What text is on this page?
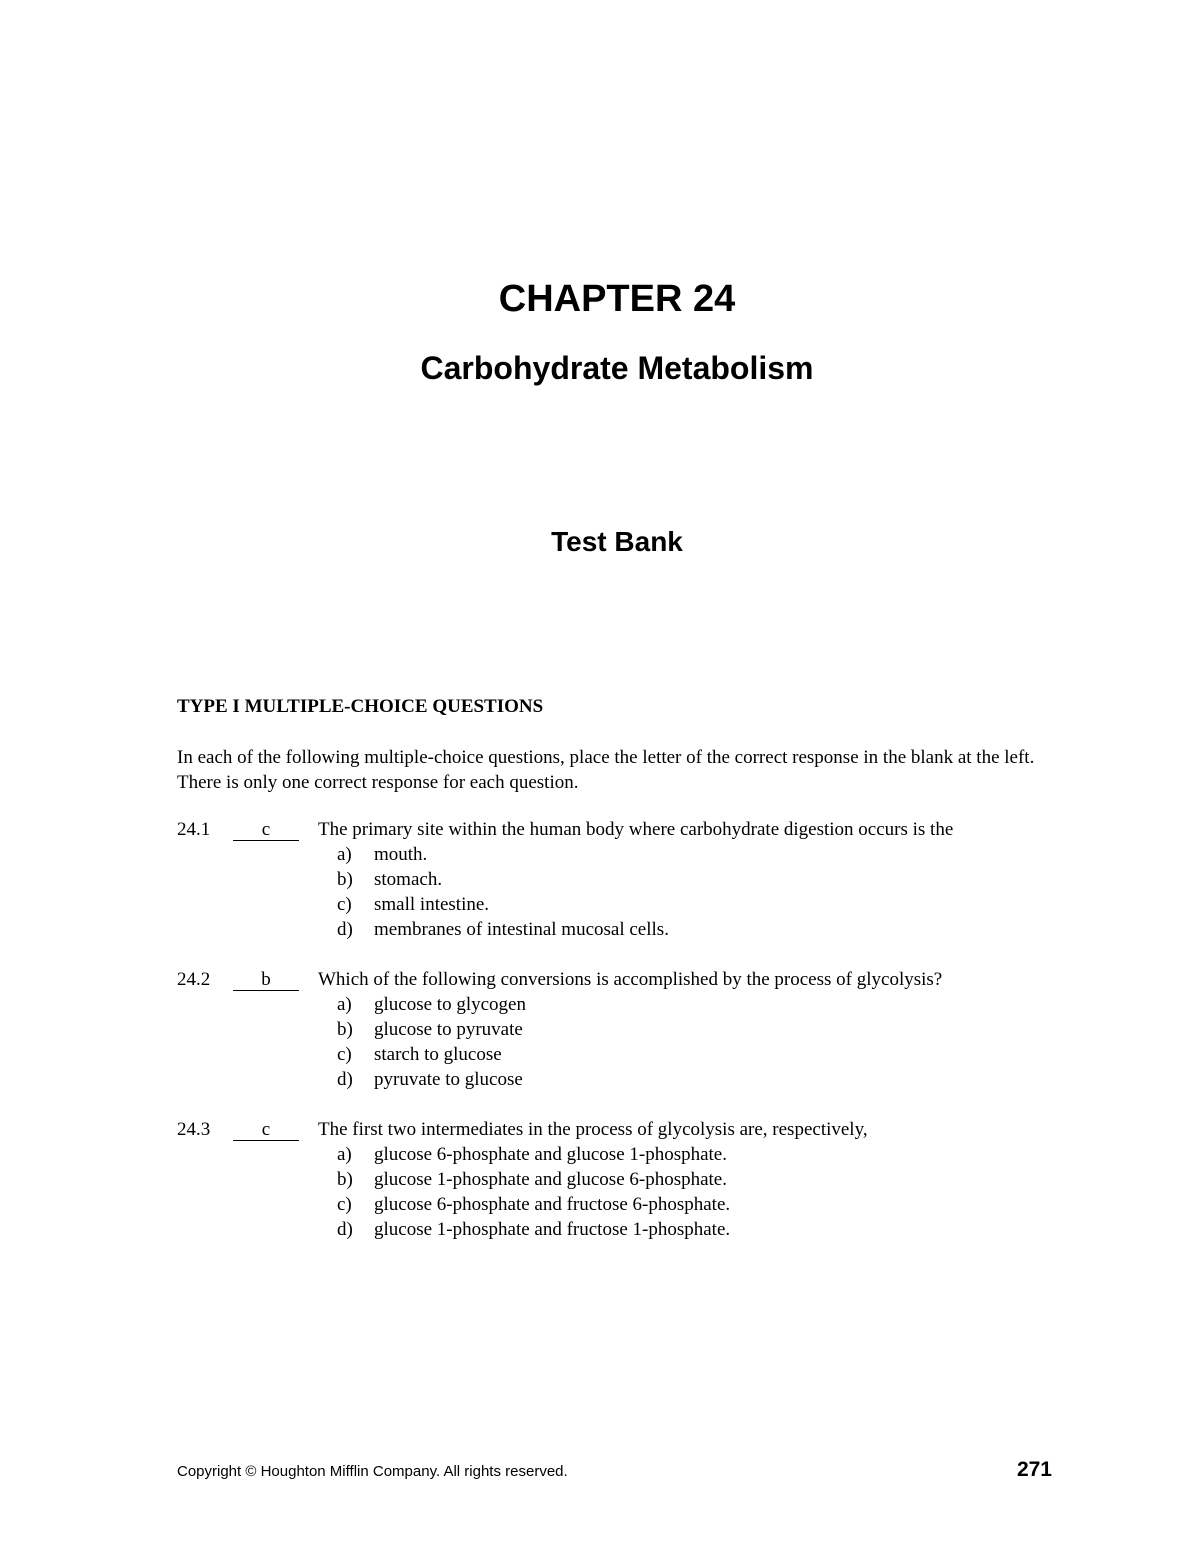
CHAPTER 24
Carbohydrate Metabolism
Test Bank
TYPE I MULTIPLE-CHOICE QUESTIONS

In each of the following multiple-choice questions, place the letter of the correct response in the blank at the left. There is only one correct response for each question.

24.1	c	The primary site within the human body where carbohydrate digestion occurs is the
a)	mouth.
b)	stomach.
c)	small intestine.
d)	membranes of intestinal mucosal cells.
24.2	b	Which of the following conversions is accomplished by the process of glycolysis?
a)	glucose to glycogen
b)	glucose to pyruvate
c)	starch to glucose
d)	pyruvate to glucose
24.3	c	The first two intermediates in the process of glycolysis are, respectively,
a)	glucose 6-phosphate and glucose 1-phosphate.
b)	glucose 1-phosphate and glucose 6-phosphate.
c)	glucose 6-phosphate and fructose 6-phosphate.
d)	glucose 1-phosphate and fructose 1-phosphate.

Copyright © Houghton Mifflin Company. All rights reserved.	271
